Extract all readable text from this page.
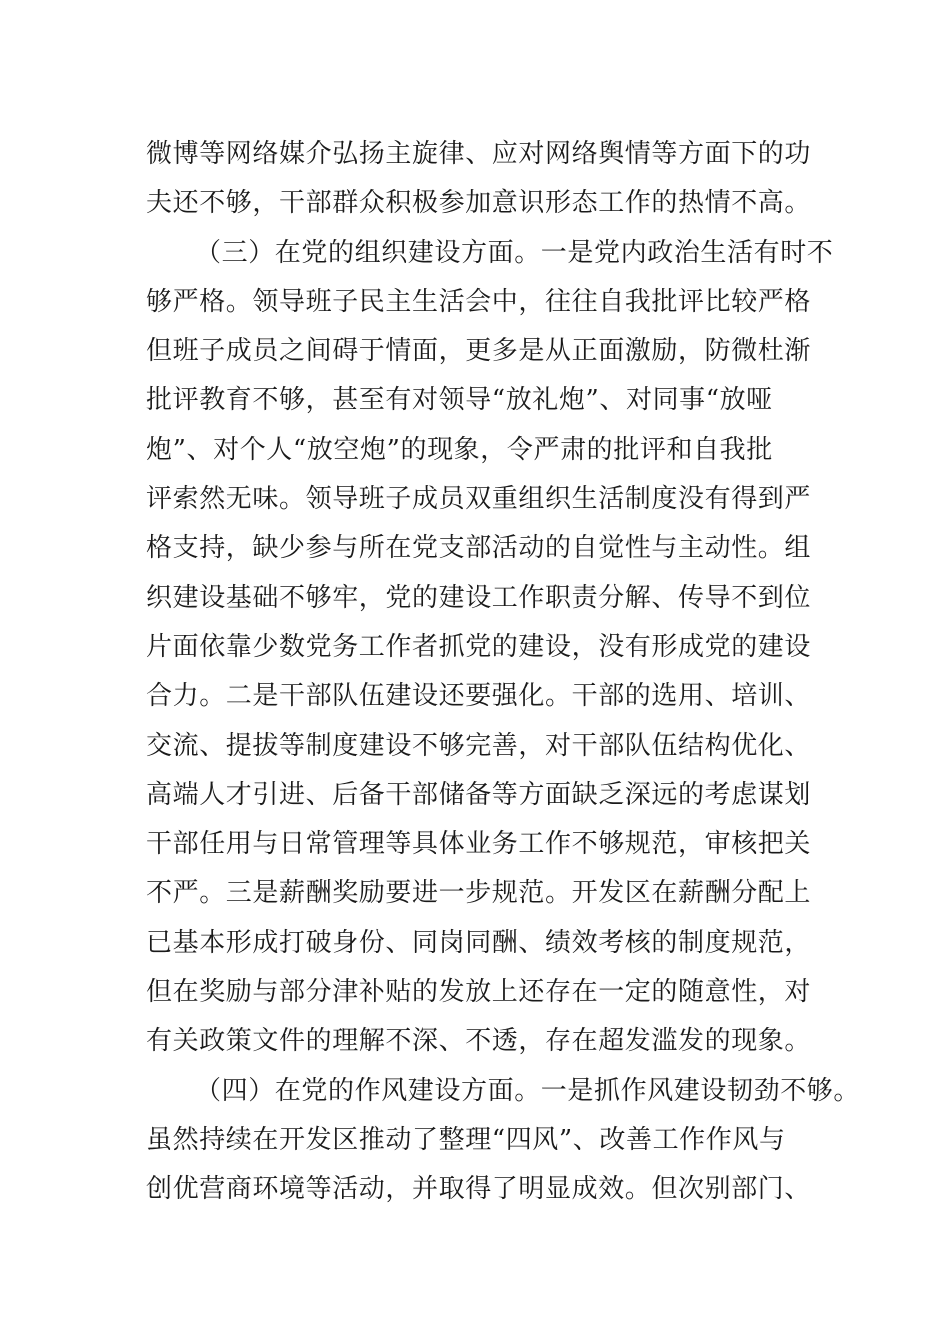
微博等网络媒介弘扬主旋律、应对网络舆情等方面下的功
夫还不够，干部群众积极参加意识形态工作的热情不高。
（三）在党的组织建设方面。一是党内政治生活有时不
够严格。领导班子民主生活会中，往往自我批评比较严格
但班子成员之间碍于情面，更多是从正面激励，防微杜渐
批评教育不够，甚至有对领导“放礼炮”、对同事“放哑
炮”、对个人“放空炮”的现象，令严肃的批评和自我批
评索然无味。领导班子成员双重组织生活制度没有得到严
格支持，缺少参与所在党支部活动的自觉性与主动性。组
织建设基础不够牢，党的建设工作职责分解、传导不到位
片面依靠少数党务工作者抓党的建设，没有形成党的建设
合力。二是干部队伍建设还要强化。干部的选用、培训、
交流、提拔等制度建设不够完善，对干部队伍结构优化、
高端人才引进、后备干部储备等方面缺乏深远的考虑谋划
干部任用与日常管理等具体业务工作不够规范，审核把关
不严。三是薪酬奖励要进一步规范。开发区在薪酬分配上
已基本形成打破身份、同岗同酬、绩效考核的制度规范，
但在奖励与部分津补贴的发放上还存在一定的随意性，对
有关政策文件的理解不深、不透，存在超发滥发的现象。
（四）在党的作风建设方面。一是抓作风建设韧劲不够。
虽然持续在开发区推动了整理“四风”、改善工作作风与
创优营商环境等活动，并取得了明显成效。但次别部门、
